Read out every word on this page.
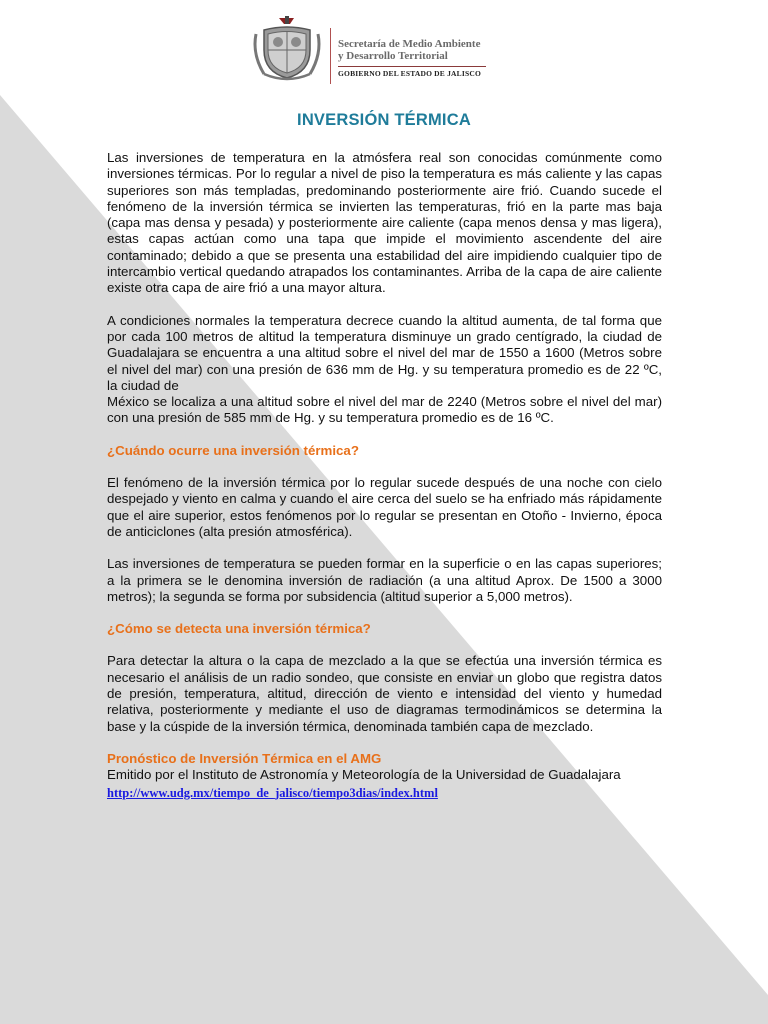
Secretaría de Medio Ambiente
y Desarrollo Territorial
GOBIERNO DEL ESTADO DE JALISCO
INVERSIÓN TÉRMICA

Las inversiones de temperatura en la atmósfera real son conocidas comúnmente como inversiones térmicas. Por lo regular a nivel de piso la temperatura es más caliente y las capas superiores son más templadas, predominando posteriormente aire frió. Cuando sucede el fenómeno de la inversión térmica se invierten las temperaturas, frió en la parte mas baja (capa mas densa y pesada) y posteriormente aire caliente (capa menos densa y mas ligera), estas capas actúan como una tapa que impide el movimiento ascendente del aire contaminado; debido a que se presenta una estabilidad del aire impidiendo cualquier tipo de intercambio vertical quedando atrapados los contaminantes. Arriba de la capa de aire caliente existe otra capa de aire frió a una mayor altura.

A condiciones normales la temperatura decrece cuando la altitud aumenta, de tal forma que por cada 100 metros de altitud la temperatura disminuye un grado centígrado, la ciudad de Guadalajara se encuentra a una altitud sobre el nivel del mar de 1550 a 1600 (Metros sobre el nivel del mar) con una presión de 636 mm de Hg. y su temperatura promedio es de 22 ºC, la ciudad de
México se localiza a una altitud sobre el nivel del mar de 2240 (Metros sobre el nivel del mar) con una presión de 585 mm de Hg. y su temperatura promedio es de 16 ºC.

¿Cuándo ocurre una inversión térmica?

El fenómeno de la inversión térmica por lo regular sucede después de una noche con cielo despejado y viento en calma y cuando el aire cerca del suelo se ha enfriado más rápidamente que el aire superior, estos fenómenos por lo regular se presentan en Otoño - Invierno, época de anticiclones (alta presión atmosférica).

Las inversiones de temperatura se pueden formar en la superficie o en las capas superiores; a la primera se le denomina inversión de radiación (a una altitud Aprox. De 1500 a 3000 metros); la segunda se forma por subsidencia (altitud superior a 5,000 metros).

¿Cómo se detecta una inversión térmica?

Para detectar la altura o la capa de mezclado a la que se efectúa una inversión térmica es necesario el análisis de un radio sondeo, que consiste en enviar un globo que registra datos de presión, temperatura, altitud, dirección de viento e intensidad del viento y humedad relativa, posteriormente y mediante el uso de diagramas termodinámicos se determina la base y la cúspide de la inversión térmica, denominada también capa de mezclado.

Pronóstico de Inversión Térmica en el AMG

Emitido por el Instituto de Astronomía y Meteorología de la Universidad de Guadalajara

http://www.udg.mx/tiempo_de_jalisco/tiempo3dias/index.html
